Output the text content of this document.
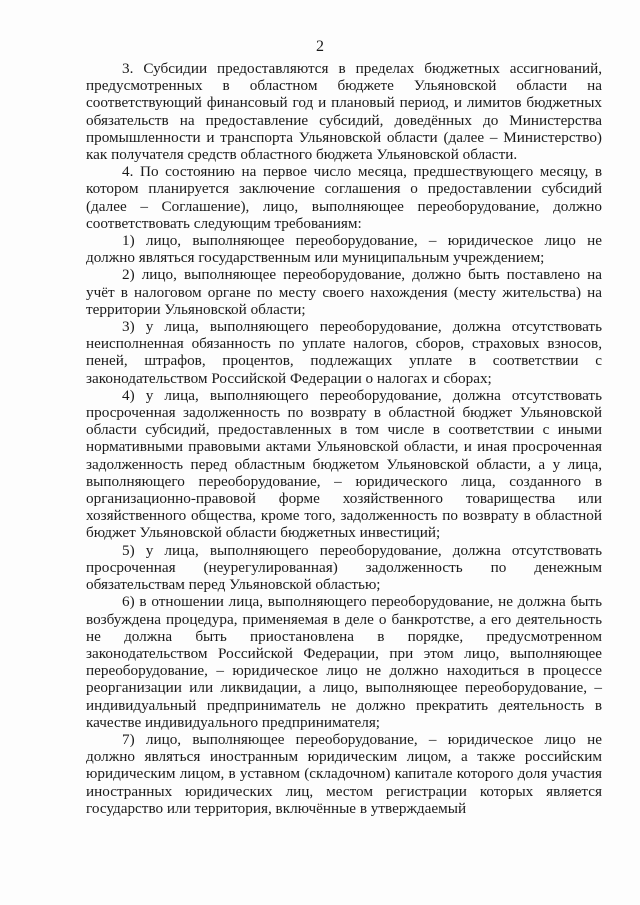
2

3. Субсидии предоставляются в пределах бюджетных ассигнований, предусмотренных в областном бюджете Ульяновской области на соответствующий финансовый год и плановый период, и лимитов бюджетных обязательств на предоставление субсидий, доведённых до Министерства промышленности и транспорта Ульяновской области (далее – Министерство) как получателя средств областного бюджета Ульяновской области.

4. По состоянию на первое число месяца, предшествующего месяцу, в котором планируется заключение соглашения о предоставлении субсидий (далее – Соглашение), лицо, выполняющее переоборудование, должно соответствовать следующим требованиям:

1) лицо, выполняющее переоборудование, – юридическое лицо не должно являться государственным или муниципальным учреждением;

2) лицо, выполняющее переоборудование, должно быть поставлено на учёт в налоговом органе по месту своего нахождения (месту жительства) на территории Ульяновской области;

3) у лица, выполняющего переоборудование, должна отсутствовать неисполненная обязанность по уплате налогов, сборов, страховых взносов, пеней, штрафов, процентов, подлежащих уплате в соответствии с законодательством Российской Федерации о налогах и сборах;

4) у лица, выполняющего переоборудование, должна отсутствовать просроченная задолженность по возврату в областной бюджет Ульяновской области субсидий, предоставленных в том числе в соответствии с иными нормативными правовыми актами Ульяновской области, и иная просроченная задолженность перед областным бюджетом Ульяновской области, а у лица, выполняющего переоборудование, – юридического лица, созданного в организационно-правовой форме хозяйственного товарищества или хозяйственного общества, кроме того, задолженность по возврату в областной бюджет Ульяновской области бюджетных инвестиций;

5) у лица, выполняющего переоборудование, должна отсутствовать просроченная (неурегулированная) задолженность по денежным обязательствам перед Ульяновской областью;

6) в отношении лица, выполняющего переоборудование, не должна быть возбуждена процедура, применяемая в деле о банкротстве, а его деятельность не должна быть приостановлена в порядке, предусмотренном законодательством Российской Федерации, при этом лицо, выполняющее переоборудование, – юридическое лицо не должно находиться в процессе реорганизации или ликвидации, а лицо, выполняющее переоборудование, – индивидуальный предприниматель не должно прекратить деятельность в качестве индивидуального предпринимателя;

7) лицо, выполняющее переоборудование, – юридическое лицо не должно являться иностранным юридическим лицом, а также российским юридическим лицом, в уставном (складочном) капитале которого доля участия иностранных юридических лиц, местом регистрации которых является государство или территория, включённые в утверждаемый
